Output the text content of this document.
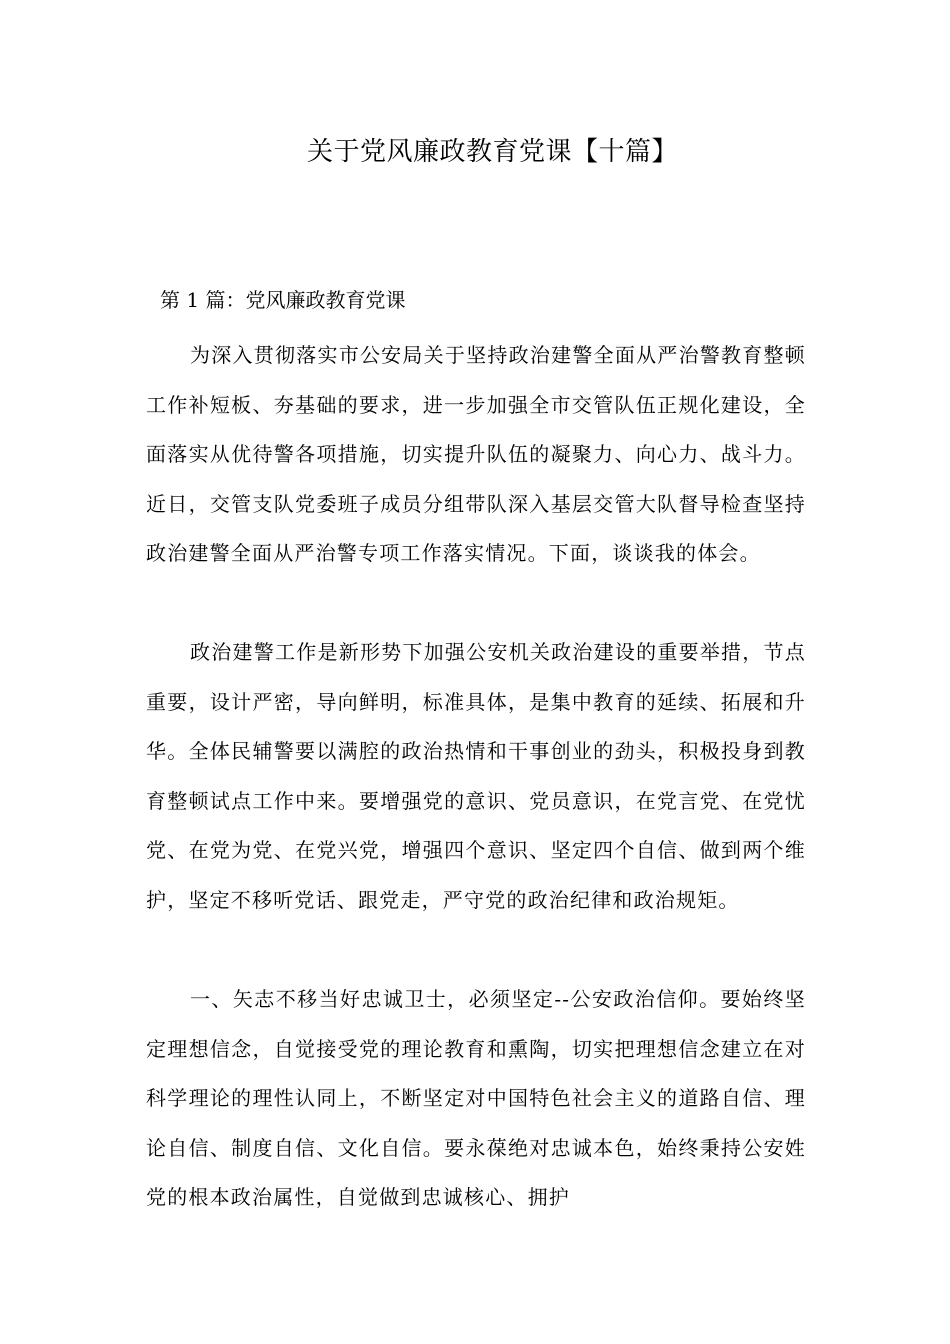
关于党风廉政教育党课【十篇】
第 1 篇：党风廉政教育党课

为深入贯彻落实市公安局关于坚持政治建警全面从严治警教育整顿工作补短板、夯基础的要求，进一步加强全市交管队伍正规化建设，全面落实从优待警各项措施，切实提升队伍的凝聚力、向心力、战斗力。近日，交管支队党委班子成员分组带队深入基层交管大队督导检查坚持政治建警全面从严治警专项工作落实情况。下面，谈谈我的体会。

政治建警工作是新形势下加强公安机关政治建设的重要举措，节点重要，设计严密，导向鲜明，标准具体，是集中教育的延续、拓展和升华。全体民辅警要以满腔的政治热情和干事创业的劲头，积极投身到教育整顿试点工作中来。要增强党的意识、党员意识，在党言党、在党忧党、在党为党、在党兴党，增强四个意识、坚定四个自信、做到两个维护，坚定不移听党话、跟党走，严守党的政治纪律和政治规矩。

一、矢志不移当好忠诚卫士，必须坚定--公安政治信仰。要始终坚定理想信念，自觉接受党的理论教育和熏陶，切实把理想信念建立在对科学理论的理性认同上，不断坚定对中国特色社会主义的道路自信、理论自信、制度自信、文化自信。要永葆绝对忠诚本色，始终秉持公安姓党的根本政治属性，自觉做到忠诚核心、拥护
